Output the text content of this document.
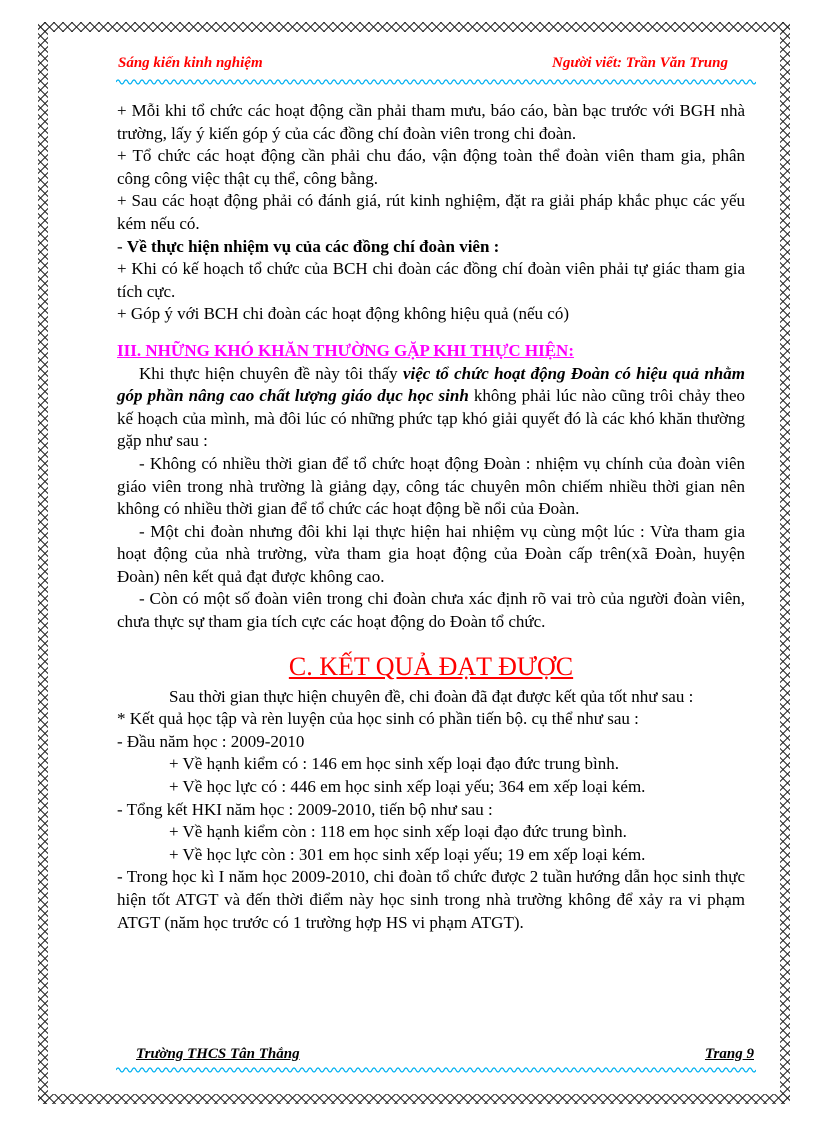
Sáng kiến kinh nghiệm	Người viết: Trần Văn Trung

+ Mỗi khi tổ chức các hoạt động cần phải tham mưu, báo cáo, bàn bạc trước với BGH nhà trường, lấy ý kiến góp ý của các đồng chí đoàn viên trong chi đoàn.

+ Tổ chức các hoạt động cần phải chu đáo, vận động toàn thể đoàn viên tham gia, phân công công việc thật cụ thể, công bằng.

+ Sau các hoạt động phải có đánh giá, rút kinh nghiệm, đặt ra giải pháp khắc phục các yếu kém nếu có.

- Về thực hiện nhiệm vụ của các đồng chí đoàn viên :

+ Khi có kế hoạch tổ chức của BCH chi đoàn các đồng chí đoàn viên phải tự giác tham gia tích cực.

+ Góp ý với BCH chi đoàn các hoạt động không hiệu quả (nếu có)

III. NHỮNG KHÓ KHĂN THƯỜNG GẶP KHI THỰC HIỆN:

Khi thực hiện chuyên đề này tôi thấy việc tổ chức hoạt động Đoàn có hiệu quả nhằm góp phần nâng cao chất lượng giáo dục học sinh không phải lúc nào cũng trôi chảy theo kế hoạch của mình, mà đôi lúc có những phức tạp khó giải quyết đó là các khó khăn thường gặp như sau :

- Không có nhiều thời gian để tổ chức hoạt động Đoàn : nhiệm vụ chính của đoàn viên giáo viên trong nhà trường là giảng dạy, công tác chuyên môn chiếm nhiều thời gian nên không có nhiều thời gian để tổ chức các hoạt động bề nổi của Đoàn.

- Một chi đoàn nhưng đôi khi lại thực hiện hai nhiệm vụ cùng một lúc : Vừa tham gia hoạt động của nhà trường, vừa tham gia hoạt động của Đoàn cấp trên(xã Đoàn, huyện Đoàn) nên kết quả đạt được không cao.

- Còn có một số đoàn viên trong chi đoàn chưa xác định rõ vai trò của người đoàn viên, chưa thực sự tham gia tích cực các hoạt động do Đoàn tổ chức.

C. KẾT QUẢ ĐẠT ĐƯỢC

Sau thời gian thực hiện chuyên đề, chi đoàn đã đạt được kết qủa tốt như sau :

* Kết quả học tập và rèn luyện của học sinh có phần tiến bộ. cụ thể như sau :

- Đầu năm học : 2009-2010

+ Về hạnh kiểm có : 146 em học sinh xếp loại đạo đức trung bình.

+ Về học lực có : 446 em học sinh xếp loại yếu; 364 em xếp loại kém.

- Tổng kết HKI năm học : 2009-2010, tiến bộ như sau :

+ Về hạnh kiểm còn : 118 em học sinh xếp loại đạo đức trung bình.

+ Về học lực còn : 301 em học sinh xếp loại yếu; 19 em xếp loại kém.

- Trong học kì I năm học 2009-2010, chi đoàn tổ chức được 2 tuần hướng dẫn học sinh thực hiện tốt ATGT và đến thời điểm này học sinh trong nhà trường không để xảy ra vi phạm ATGT (năm học trước có 1 trường hợp HS vi phạm ATGT).

Trường THCS Tân Thắng	Trang 9
